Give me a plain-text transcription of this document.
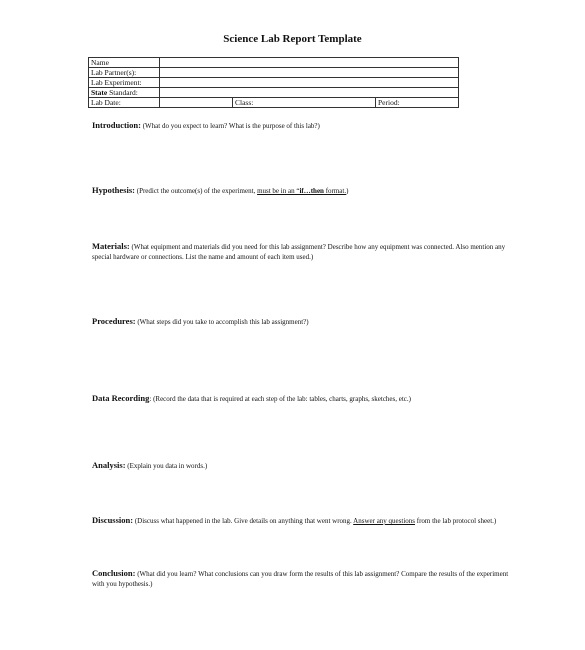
Science Lab Report Template
Name					
Lab Partner(s):					
Lab Experiment:					
State Standard:					
Lab Date:		Class:		Period:	
Introduction: (What do you expect to learn? What is the purpose of this lab?)
Hypothesis: (Predict the outcome(s) of the experiment, must be in an “if…then format.)
Materials: (What equipment and materials did you need for this lab assignment? Describe how any equipment was connected. Also mention any special hardware or connections. List the name and amount of each item used.)
Procedures: (What steps did you take to accomplish this lab assignment?)
Data Recording: (Record the data that is required at each step of the lab: tables, charts, graphs, sketches, etc.)
Analysis: (Explain you data in words.)
Discussion: (Discuss what happened in the lab. Give details on anything that went wrong. Answer any questions from the lab protocol sheet.)
Conclusion: (What did you learn? What conclusions can you draw form the results of this lab assignment? Compare the results of the experiment with you hypothesis.)
